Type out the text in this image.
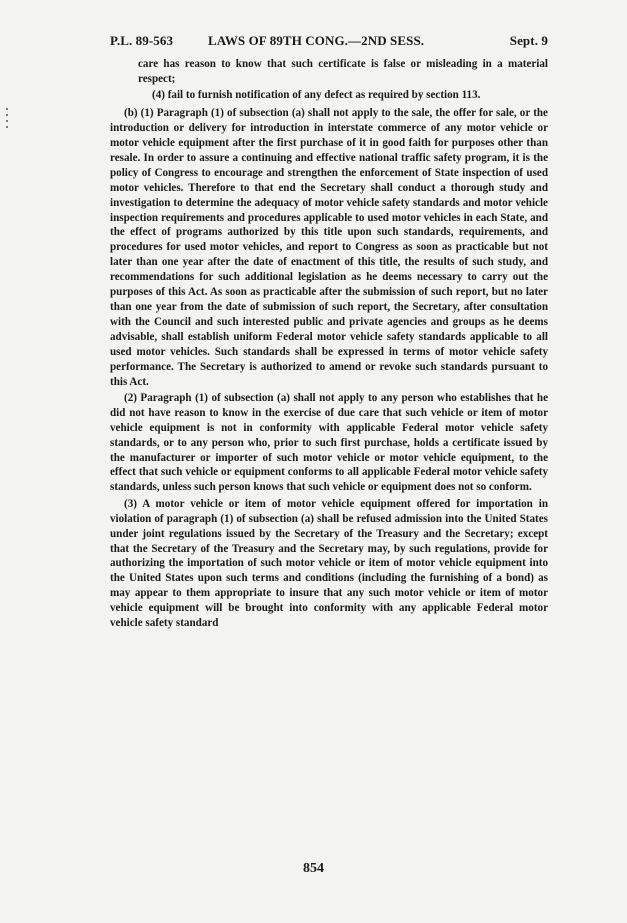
P.L. 89-563	LAWS OF 89TH CONG.—2ND SESS.	Sept. 9

care has reason to know that such certificate is false or misleading in a material respect;

(4) fail to furnish notification of any defect as required by section 113.

(b) (1) Paragraph (1) of subsection (a) shall not apply to the sale, the offer for sale, or the introduction or delivery for introduction in interstate commerce of any motor vehicle or motor vehicle equipment after the first purchase of it in good faith for purposes other than resale. In order to assure a continuing and effective national traffic safety program, it is the policy of Congress to encourage and strengthen the enforcement of State inspection of used motor vehicles. Therefore to that end the Secretary shall conduct a thorough study and investigation to determine the adequacy of motor vehicle safety standards and motor vehicle inspection requirements and procedures applicable to used motor vehicles in each State, and the effect of programs authorized by this title upon such standards, requirements, and procedures for used motor vehicles, and report to Congress as soon as practicable but not later than one year after the date of enactment of this title, the results of such study, and recommendations for such additional legislation as he deems necessary to carry out the purposes of this Act. As soon as practicable after the submission of such report, but no later than one year from the date of submission of such report, the Secretary, after consultation with the Council and such interested public and private agencies and groups as he deems advisable, shall establish uniform Federal motor vehicle safety standards applicable to all used motor vehicles. Such standards shall be expressed in terms of motor vehicle safety performance. The Secretary is authorized to amend or revoke such standards pursuant to this Act.

(2) Paragraph (1) of subsection (a) shall not apply to any person who establishes that he did not have reason to know in the exercise of due care that such vehicle or item of motor vehicle equipment is not in conformity with applicable Federal motor vehicle safety standards, or to any person who, prior to such first purchase, holds a certificate issued by the manufacturer or importer of such motor vehicle or motor vehicle equipment, to the effect that such vehicle or equipment conforms to all applicable Federal motor vehicle safety standards, unless such person knows that such vehicle or equipment does not so conform.

(3) A motor vehicle or item of motor vehicle equipment offered for importation in violation of paragraph (1) of subsection (a) shall be refused admission into the United States under joint regulations issued by the Secretary of the Treasury and the Secretary; except that the Secretary of the Treasury and the Secretary may, by such regulations, provide for authorizing the importation of such motor vehicle or item of motor vehicle equipment into the United States upon such terms and conditions (including the furnishing of a bond) as may appear to them appropriate to insure that any such motor vehicle or item of motor vehicle equipment will be brought into conformity with any applicable Federal motor vehicle safety standard

854
